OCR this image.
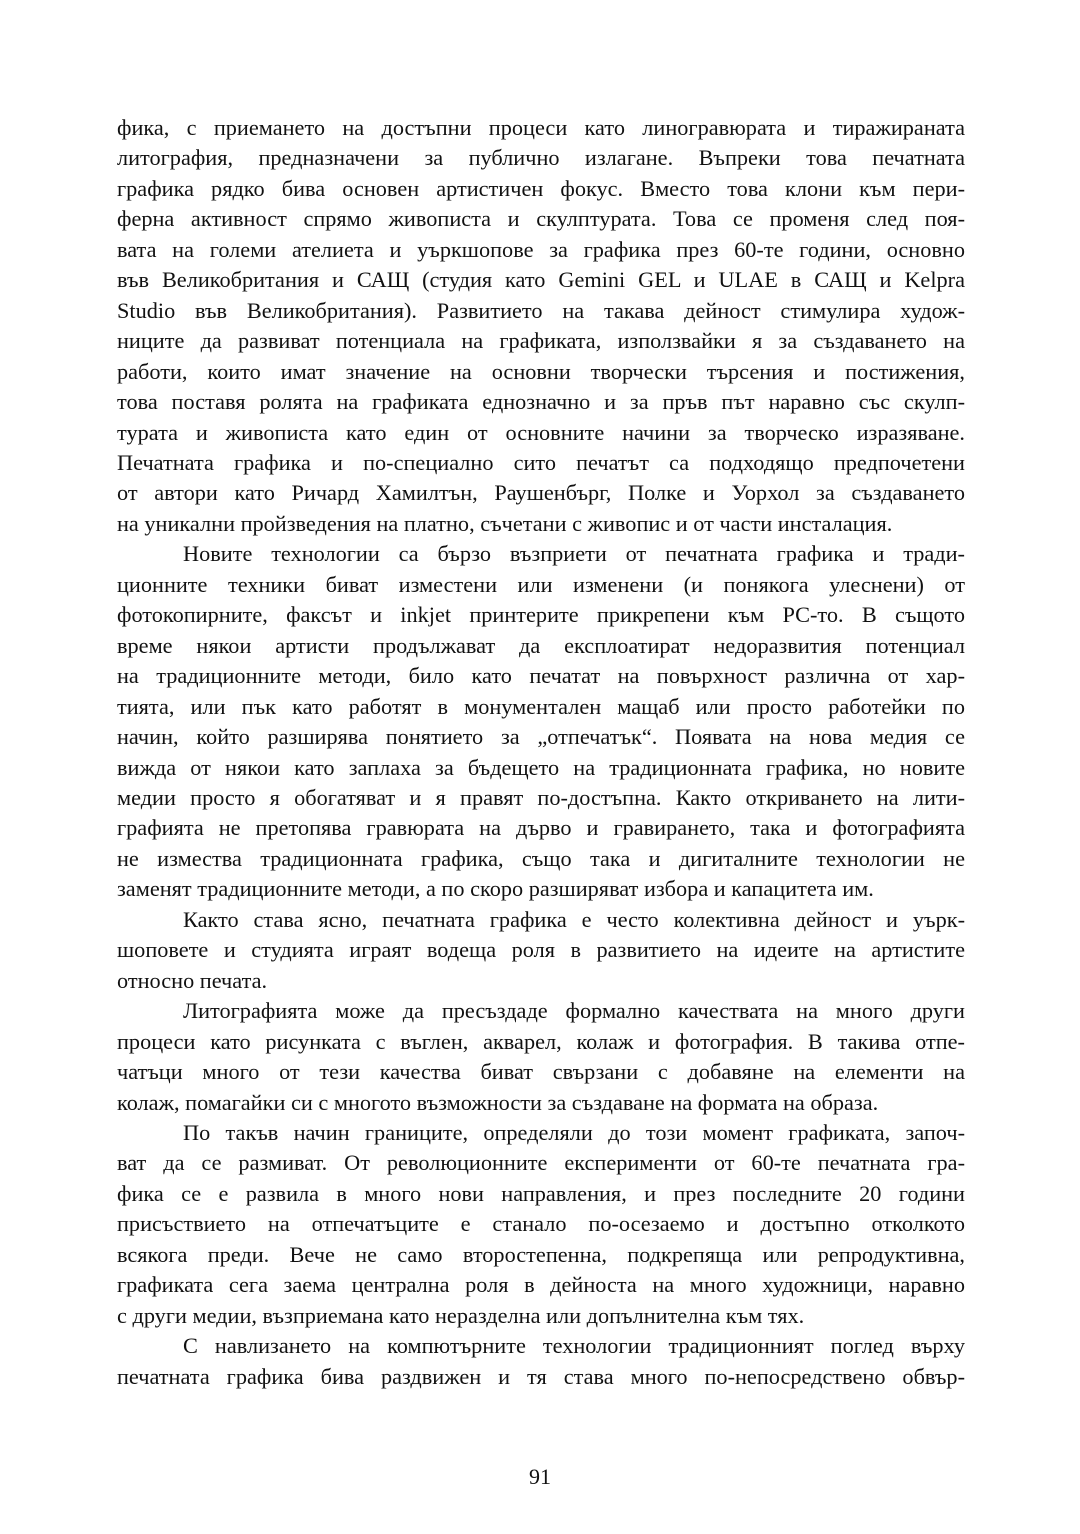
фика, с приемането на достъпни процеси като линогравюрата и тиражираната
литография, предназначени за публично излагане. Въпреки това печатната
графика рядко бива основен артистичен фокус. Вместо това клони към пери-
ферна активност спрямо живописта и скулптурата. Това се променя след поя-
вата на големи ателиета и уъркшопове за графика през 60-те години, основно
във Великобритания и САЩ (студия като Gemini GEL и ULAE в САЩ и Kelpra
Studio във Великобритания). Развитието на такава дейност стимулира худож-
ниците да развиват потенциала на графиката, използвайки я за създаването на
работи, които имат значение на основни творчески търсения и постижения,
това поставя ролята на графиката еднозначно и за пръв път наравно със скулп-
турата и живописта като един от основните начини за творческо изразяване.
Печатната графика и по-специално сито печатът са подходящо предпочетени
от автори като Ричард Хамилтън, Раушенбърг, Полке и Уорхол за създаването
на уникални пройзведения на платно, съчетани с живопис и от части инсталация.

Новите технологии са бързо възприети от печатната графика и тради-
ционните техники биват изместени или изменени (и понякога улеснени) от
фотокопирните, факсът и inkjet принтерите прикрепени към РС-то. В същото
време някои артисти продължават да експлоатират недоразвития потенциал
на традиционните методи, било като печатат на повърхност различна от хар-
тията, или пък като работят в монументален мащаб или просто работейки по
начин, който разширява понятието за „отпечатък“. Появата на нова медия се
вижда от някои като заплаха за бъдещето на традиционната графика, но новите
медии просто я обогатяват и я правят по-достъпна. Както откриването на лити-
графията не претопява гравюрата на дърво и гравирането, така и фотографията
не измества традиционната графика, също така и дигиталните технологии не
заменят традиционните методи, а по скоро разширяват избора и капацитета им.

Както става ясно, печатната графика е често колективна дейност и уърк-
шоповете и студията играят водеща роля в развитието на идеите на артистите
относно печата.

Литографията може да пресъздаде формално качествата на много други
процеси като рисунката с въглен, акварел, колаж и фотография. В такива отпе-
чатъци много от тези качества биват свързани с добавяне на елементи на
колаж, помагайки си с многото възможности за създаване на формата на образа.

По такъв начин границите, определяли до този момент графиката, започ-
ват да се размиват. От революционните експерименти от 60-те печатната гра-
фика се е развила в много нови направления, и през последните 20 години
присъствието на отпечатъците е станало по-осезаемо и достъпно отколкото
всякога преди. Вече не само второстепенна, подкрепяща или репродуктивна,
графиката сега заема централна роля в дейноста на много художници, наравно
с други медии, възприемана като неразделна или допълнителна към тях.

С навлизането на компютърните технологии традиционният поглед върху
печатната графика бива раздвижен и тя става много по-непосредствено обвър-

91
